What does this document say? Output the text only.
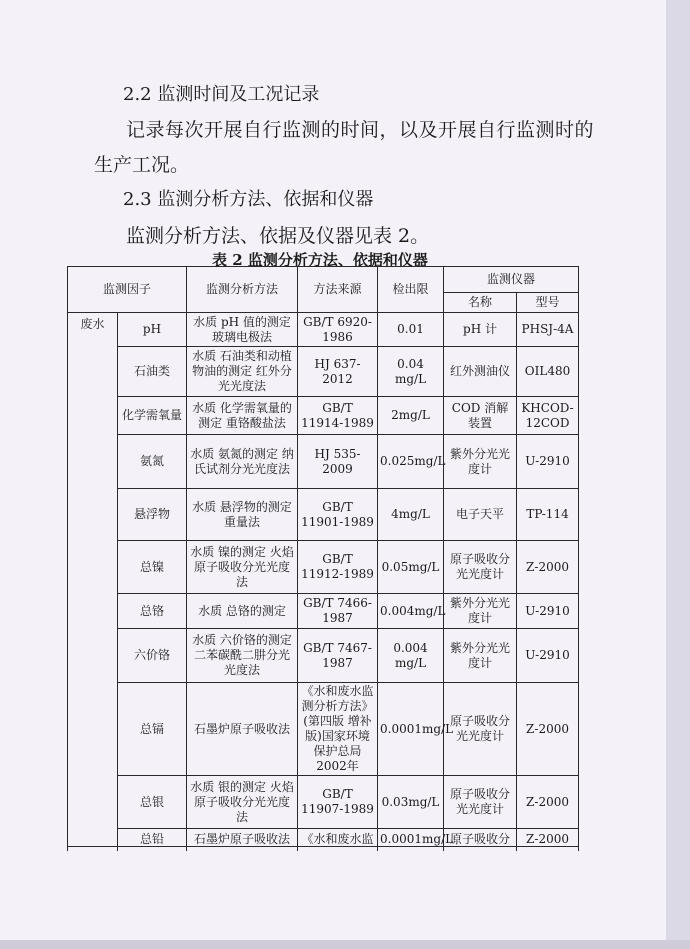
2.2 监测时间及工况记录
记录每次开展自行监测的时间，以及开展自行监测时的
生产工况。
2.3 监测分析方法、依据和仪器
监测分析方法、依据及仪器见表 2。
表 2 监测分析方法、依据和仪器
监测因子		监测分析方法	方法来源	检出限	监测仪器	
					名称	型号
废水	pH	水质 pH 值的测定 玻璃电极法	GB/T 6920-1986	0.01	pH 计	PHSJ-4A
	石油类	水质 石油类和动植物油的测定 红外分光光度法	HJ 637-2012	0.04 mg/L	红外测油仪	OIL480
	化学需氧量	水质 化学需氧量的测定 重铬酸盐法	GB/T 11914-1989	2mg/L	COD 消解装置	KHCOD-12COD
	氨氮	水质 氨氮的测定 纳氏试剂分光光度法	HJ 535-2009	0.025mg/L	紫外分光光度计	U-2910
	悬浮物	水质 悬浮物的测定 重量法	GB/T 11901-1989	4mg/L	电子天平	TP-114
	总镍	水质 镍的测定 火焰原子吸收分光光度法	GB/T 11912-1989	0.05mg/L	原子吸收分光光度计	Z-2000
	总铬	水质 总铬的测定	GB/T 7466-1987	0.004mg/L	紫外分光光度计	U-2910
	六价铬	水质 六价铬的测定 二苯碳酰二肼分光光度法	GB/T 7467-1987	0.004 mg/L	紫外分光光度计	U-2910
	总镉	石墨炉原子吸收法	《水和废水监测分析方法》(第四版 增补版)国家环境保护总局 2002年	0.0001mg/L	原子吸收分光光度计	Z-2000
	总银	水质 银的测定 火焰原子吸收分光光度法	GB/T 11907-1989	0.03mg/L	原子吸收分光光度计	Z-2000
	总铅	石墨炉原子吸收法	《水和废水监	0.0001mg/L	原子吸收分	Z-2000
